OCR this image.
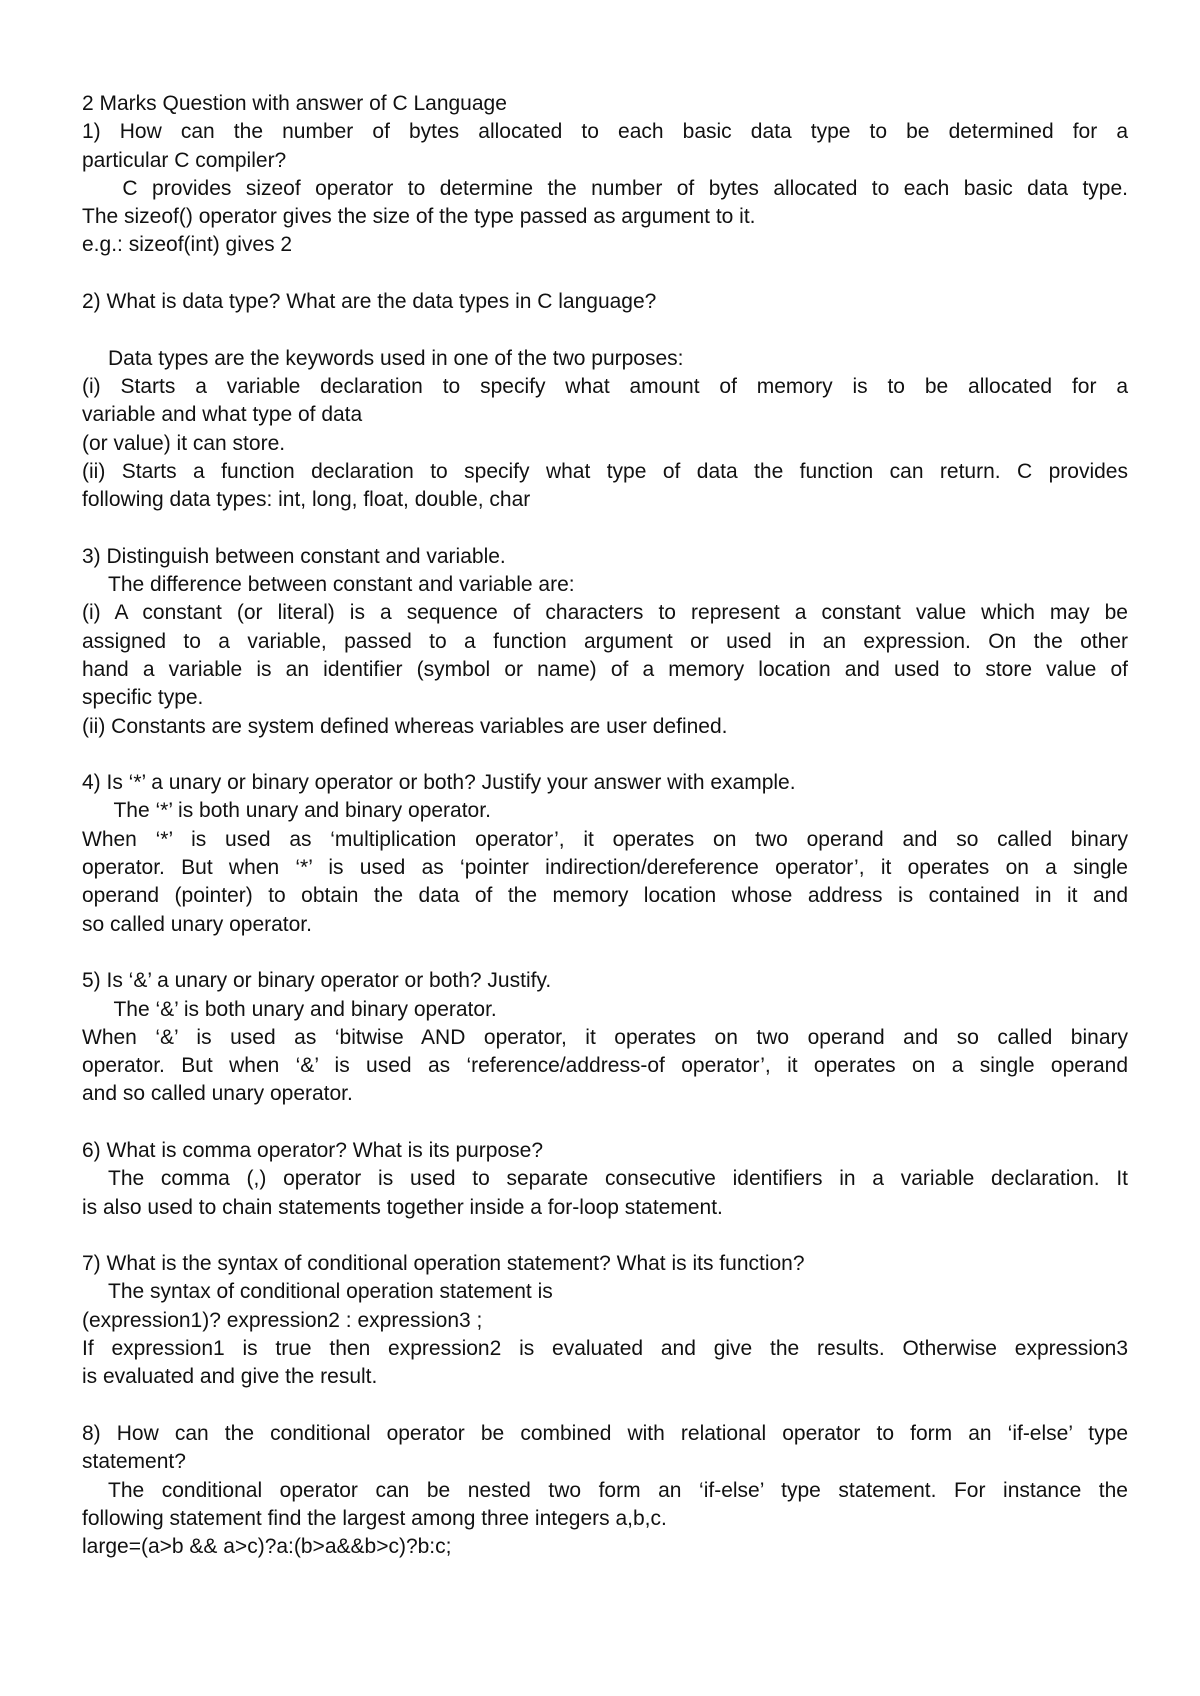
2 Marks Question with answer of C Language
1) How can the number of bytes allocated to each basic data type to be determined for a
particular C compiler?
C provides sizeof operator to determine the number of bytes allocated to each basic data type.
The sizeof() operator gives the size of the type passed as argument to it.
e.g.: sizeof(int) gives 2
2) What is data type? What are the data types in C language?
Data types are the keywords used in one of the two purposes:
(i) Starts a variable declaration to specify what amount of memory is to be allocated for a
variable and what type of data
(or value) it can store.
(ii) Starts a function declaration to specify what type of data the function can return. C provides
following data types: int, long, float, double, char
3) Distinguish between constant and variable.
The difference between constant and variable are:
(i) A constant (or literal) is a sequence of characters to represent a constant value which may be
assigned to a variable, passed to a function argument or used in an expression. On the other
hand a variable is an identifier (symbol or name) of a memory location and used to store value of
specific type.
(ii) Constants are system defined whereas variables are user defined.
4) Is ‘*’ a unary or binary operator or both? Justify your answer with example.
The ‘*’ is both unary and binary operator.
When ‘*’ is used as ‘multiplication operator’, it operates on two operand and so called binary
operator. But when ‘*’ is used as ‘pointer indirection/dereference operator’, it operates on a single
operand (pointer) to obtain the data of the memory location whose address is contained in it and
so called unary operator.
5) Is ‘&’ a unary or binary operator or both? Justify.
The ‘&’ is both unary and binary operator.
When ‘&’ is used as ‘bitwise AND operator, it operates on two operand and so called binary
operator. But when ‘&’ is used as ‘reference/address-of operator’, it operates on a single operand
and so called unary operator.
6) What is comma operator? What is its purpose?
The comma (,) operator is used to separate consecutive identifiers in a variable declaration. It
is also used to chain statements together inside a for-loop statement.
7) What is the syntax of conditional operation statement? What is its function?
The syntax of conditional operation statement is
(expression1)? expression2 : expression3 ;
If expression1 is true then expression2 is evaluated and give the results. Otherwise expression3
is evaluated and give the result.
8) How can the conditional operator be combined with relational operator to form an ‘if-else’ type
statement?
The conditional operator can be nested two form an ‘if-else’ type statement. For instance the
following statement find the largest among three integers a,b,c.
large=(a>b && a>c)?a:(b>a&&b>c)?b:c;
